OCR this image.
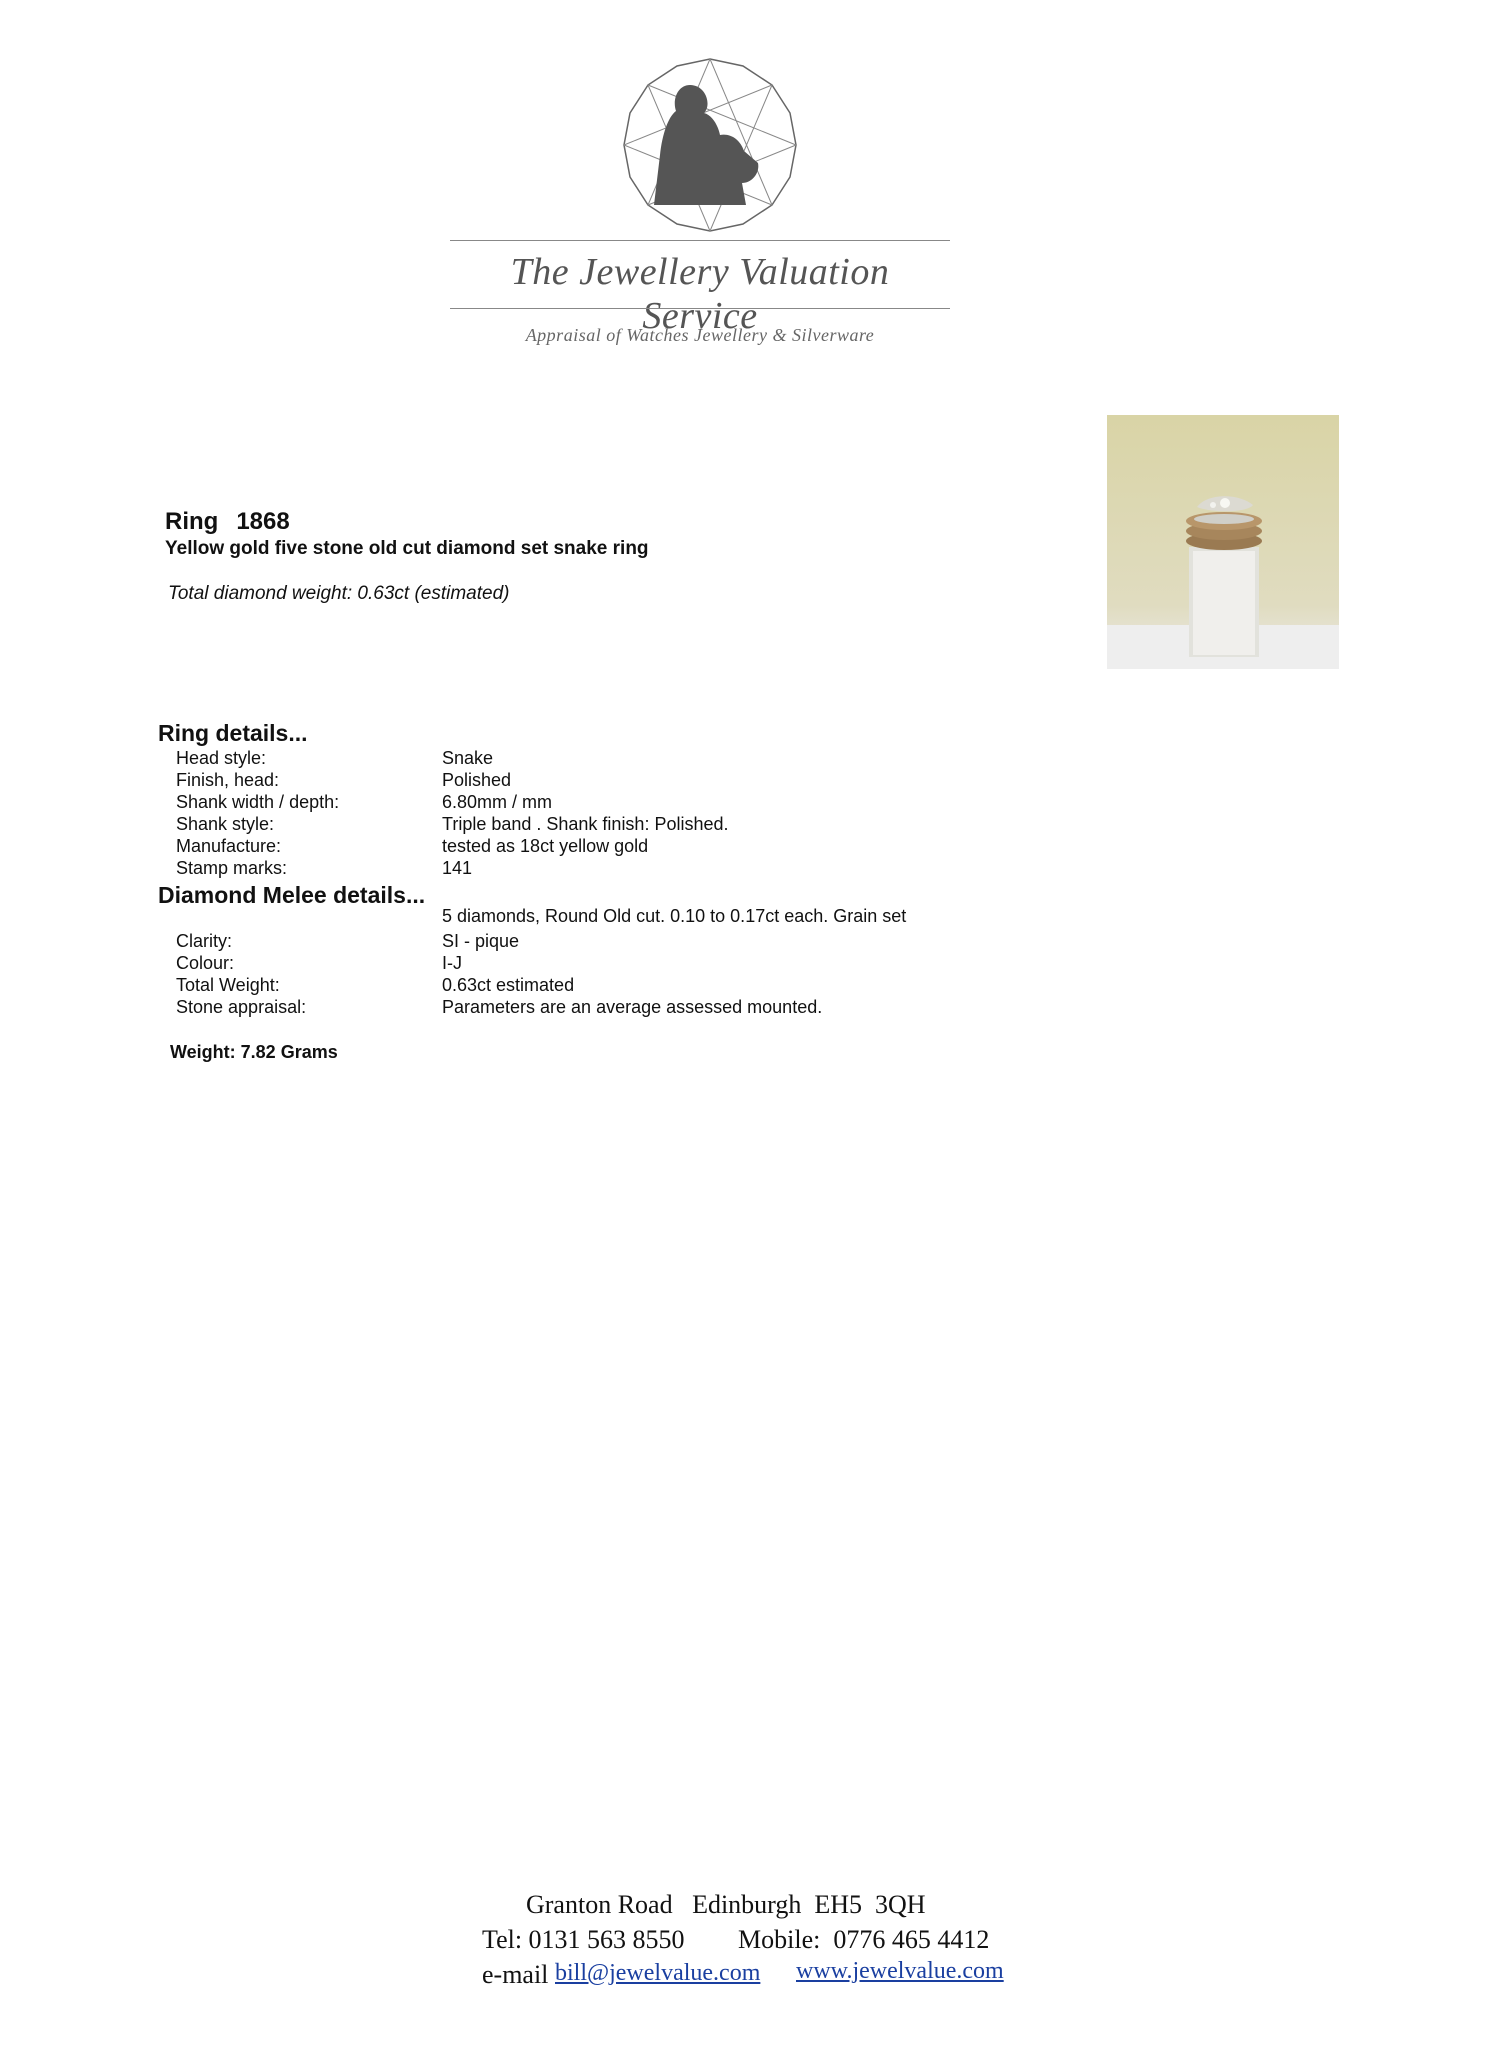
The Jewellery Valuation Service
Appraisal of Watches Jewellery & Silverware
Ring 1868
Yellow gold five stone old cut diamond set snake ring
Total diamond weight: 0.63ct (estimated)
Ring details...
Head style:	Snake
Finish, head:	Polished
Shank width / depth:	6.80mm / mm
Shank style:	Triple band . Shank finish: Polished.
Manufacture:	tested as 18ct yellow gold
Stamp marks:	141
Diamond Melee details...
5 diamonds, Round Old cut. 0.10 to 0.17ct each. Grain set
Clarity:	SI - pique
Colour:	I-J
Total Weight:	0.63ct estimated
Stone appraisal:	Parameters are an average assessed mounted.
Weight: 7.82 Grams
Granton Road   Edinburgh  EH5  3QH
Tel: 0131 563 8550 Mobile:  0776 465 4412
e-mail bill@jewelvalue.com www.jewelvalue.com
